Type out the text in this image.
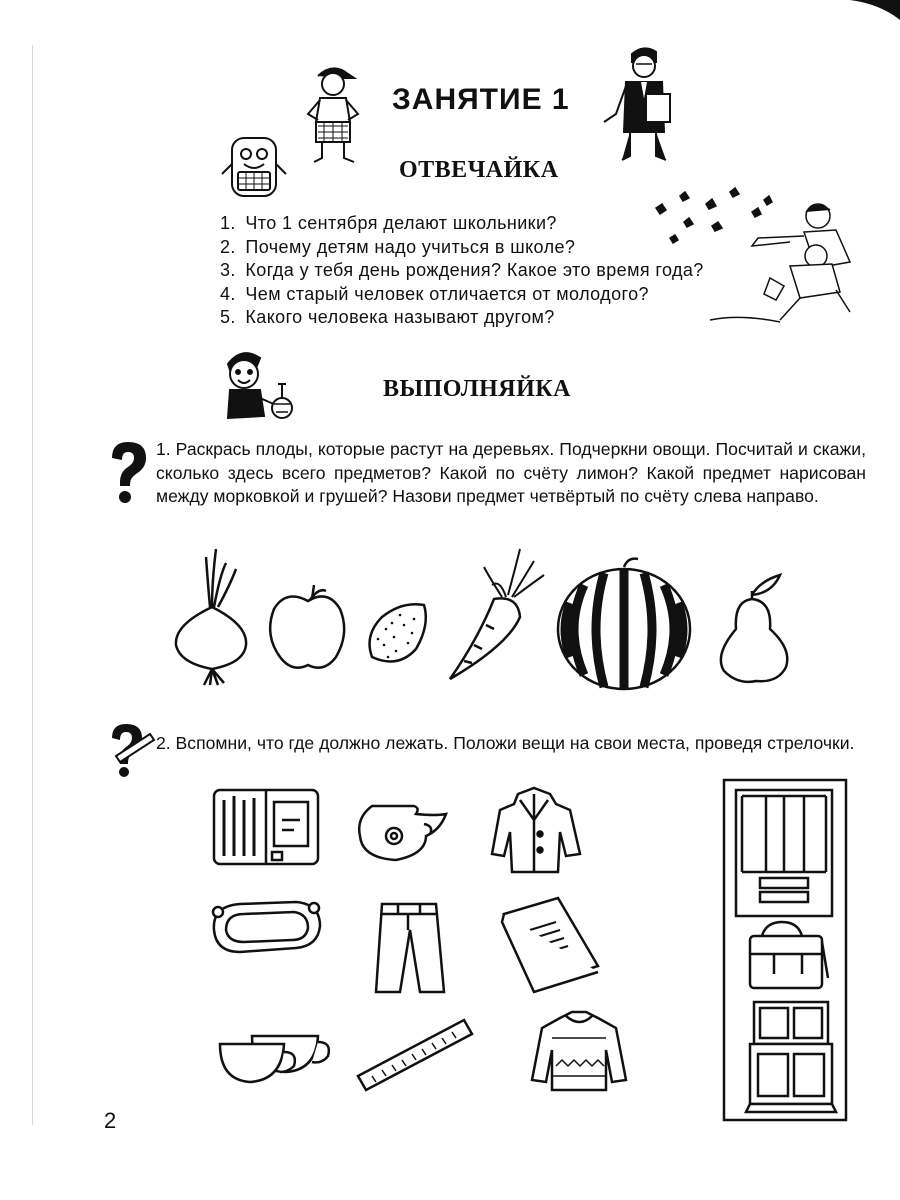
ЗАНЯТИЕ 1
ОТВЕЧАЙКА
1. Что 1 сентября делают школьники?
2. Почему детям надо учиться в школе?
3. Когда у тебя день рождения? Какое это время года?
4. Чем старый человек отличается от молодого?
5. Какого человека называют другом?
ВЫПОЛНЯЙКА
1. Раскрась плоды, которые растут на деревьях. Подчеркни овощи. Посчитай и скажи, сколько здесь всего предметов? Какой по счёту лимон? Какой предмет нарисован между морковкой и грушей? Назови предмет четвёртый по счёту слева направо.
2. Вспомни, что где должно лежать. Положи вещи на свои места, проведя стрелочки.
2
